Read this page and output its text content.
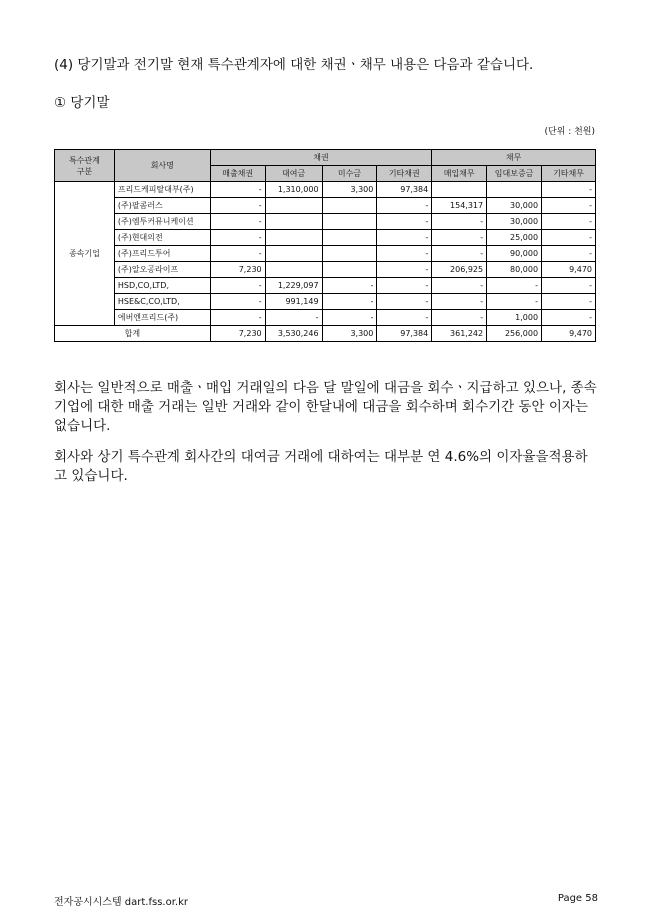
(4) 당기말과 전기말 현재 특수관계자에 대한 채권ㆍ채무 내용은 다음과 같습니다.
① 당기말
(단위 : 천원)
특수관계
구분	회사명	채권				채무		
		매출채권	대여금	미수금	기타채권	매입채무	임대보증금	기타채무
종속기업	프리드케피탈대부(주)	-	1,310,000	3,300	97,384			-
	(주)팔콤러스	-			-	154,317	30,000	-
	(주)엠투커뮤니케이션	-			-	-	30,000	-
	(주)현대의전	-			-	-	25,000	-
	(주)프리드투어	-			-	-	90,000	-
	(주)알오공라이프	7,230			-	206,925	80,000	9,470
	HSD,CO,LTD,	-	1,229,097	-	-	-	-	-
	HSE&C,CO,LTD,	-	991,149	-	-	-	-	-
	에버엔프리드(주)	-	-	-	-	-	1,000	-
합계		7,230	3,530,246	3,300	97,384	361,242	256,000	9,470
회사는 일반적으로 매출ㆍ매입 거래일의 다음 달 말일에 대금을 회수ㆍ지급하고 있으나, 종속기업에 대한 매출 거래는 일반 거래와 같이 한달내에 대금을 회수하며 회수기간 동안 이자는 없습니다.
회사와 상기 특수관계 회사간의 대여금 거래에 대하여는 대부분 연 4.6%의 이자율을적용하고 있습니다.
전자공시시스템 dart.fss.or.kr	Page 58
